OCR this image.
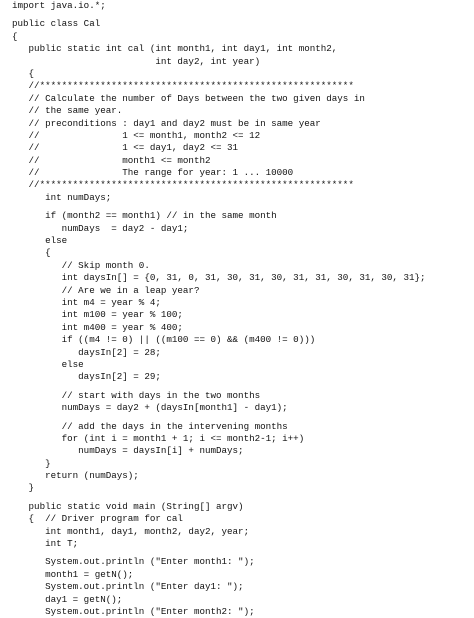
import java.io.*;
public class Cal
{
public static int cal (int month1, int day1, int month2,
int day2, int year)
{
//*********************************************************
// Calculate the number of Days between the two given days in
// the same year.
// preconditions : day1 and day2 must be in same year
//               1 <= month1, month2 <= 12
//               1 <= day1, day2 <= 31
//               month1 <= month2
//               The range for year: 1 ... 10000
//*********************************************************
int numDays;
if (month2 == month1) // in the same month
numDays  = day2 - day1;
else
{
// Skip month 0.
int daysIn[] = {0, 31, 0, 31, 30, 31, 30, 31, 31, 30, 31, 30, 31};
// Are we in a leap year?
int m4 = year % 4;
int m100 = year % 100;
int m400 = year % 400;
if ((m4 != 0) || ((m100 == 0) && (m400 != 0)))
daysIn[2] = 28;
else
daysIn[2] = 29;
// start with days in the two months
numDays = day2 + (daysIn[month1] - day1);
// add the days in the intervening months
for (int i = month1 + 1; i <= month2-1; i++)
numDays = daysIn[i] + numDays;
}
return (numDays);
}
public static void main (String[] argv)
{  // Driver program for cal
int month1, day1, month2, day2, year;
int T;
System.out.println ("Enter month1: ");
month1 = getN();
System.out.println ("Enter day1: ");
day1 = getN();
System.out.println ("Enter month2: ");
